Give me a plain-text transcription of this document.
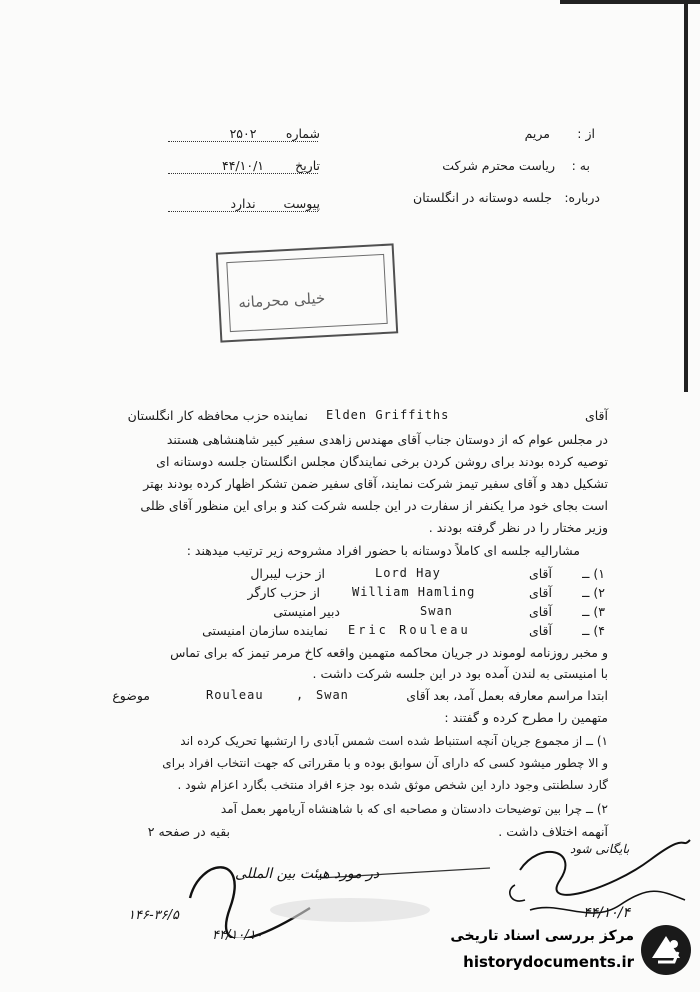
از :
مریم
شماره
۲۵۰۲
به :
ریاست محترم شرکت
تاریخ
۴۴/۱۰/۱
درباره:
جلسه دوستانه در انگلستان
پیوست
ندارد
خیلی محرمانه
آقای
Elden Griffiths
نماینده حزب محافظه کار انگلستان
در مجلس عوام که از دوستان جناب آقای مهندس زاهدی سفیر کبیر شاهنشاهی هستند
توصیه کرده بودند برای روشن کردن برخی نمایندگان مجلس انگلستان جلسه دوستانه ای
تشکیل دهد و آقای سفیر تیمز شرکت نمایند، آقای سفیر ضمن تشکر اظهار کرده بودند بهتر
است بجای خود مرا یکنفر از سفارت در این جلسه شرکت کند و برای این منظور آقای ظلی
وزیر مختار را در نظر گرفته بودند .
مشارالیه جلسه ای کاملاً دوستانه با حضور افراد مشروحه زیر ترتیب میدهند :
۱) ــ
آقای
Lord Hay
از حزب لیبرال
۲) ــ
آقای
William Hamling
از حزب کارگر
۳) ــ
آقای
Swan
دبیر امنیستی
۴) ــ
آقای
Eric Rouleau
نماینده سازمان امنیستی
و مخبر روزنامه لوموند در جریان محاکمه متهمین واقعه کاخ مرمر تیمز که برای تماس
با امنیستی به لندن آمده بود در این جلسه شرکت داشت .
ابتدا مراسم معارفه بعمل آمد، بعد آقای
Swan
,
Rouleau
موضوع
متهمین را مطرح کرده و گفتند :
۱) ــ از مجموع جریان آنچه استنباط شده است شمس آبادی را ارتشبها تحریک کرده اند
و الا چطور میشود کسی که دارای آن سوابق بوده و با مقرراتی که جهت انتخاب افراد برای
گارد سلطنتی وجود دارد این شخص موثق شده بود جزء افراد منتخب بگارد اعزام شود .
۲) ــ چرا بین توضیحات دادستان و مصاحبه ای که با شاهنشاه آریامهر بعمل آمد
آنهمه اختلاف داشت .
بقیه در صفحه ۲
بایگانی شود
۴۴/۱۰/۴
در مورد هیئت بین المللی
۱۴۶-۳۶/۵
۴۴/۱۰/۱۰	مرکز بررسی اسناد تاریخی
historydocuments.ir
